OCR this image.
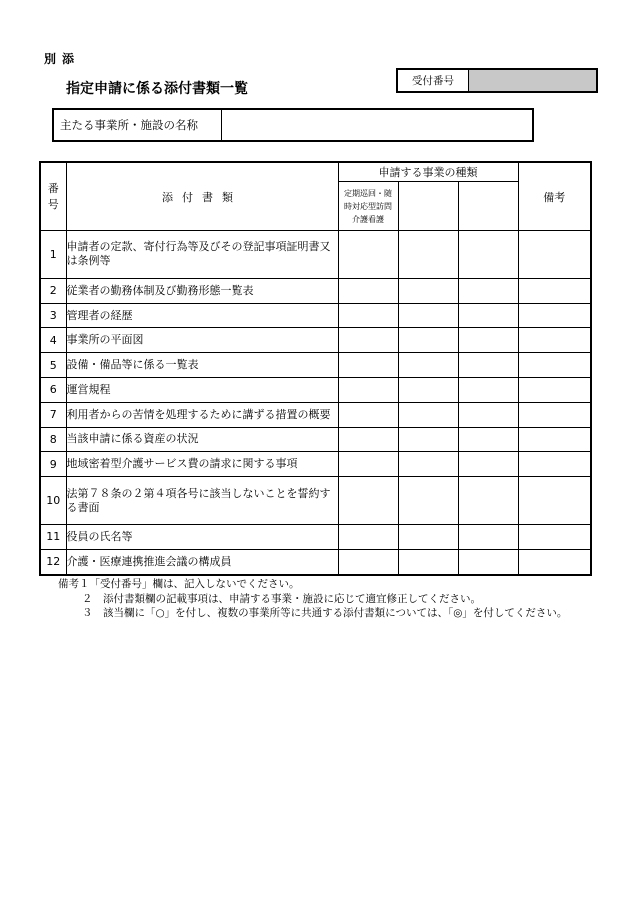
別添
指定申請に係る添付書類一覧	受付番号
主たる事業所・施設の名称
番号	添付書類	申請する事業の種類			備考
		定期巡回・随時対応型訪問介護看護			
1	申請者の定款、寄付行為等及びその登記事項証明書又は条例等				
2	従業者の勤務体制及び勤務形態一覧表				
3	管理者の経歴				
4	事業所の平面図				
5	設備・備品等に係る一覧表				
6	運営規程				
7	利用者からの苦情を処理するために講ずる措置の概要				
8	当該申請に係る資産の状況				
9	地域密着型介護サービス費の請求に関する事項				
10	法第７８条の２第４項各号に該当しないことを誓約する書面				
11	役員の氏名等				
12	介護・医療連携推進会議の構成員				
備考１「受付番号」欄は、記入しないでください。
２　添付書類欄の記載事項は、申請する事業・施設に応じて適宜修正してください。
３　該当欄に「○」を付し、複数の事業所等に共通する添付書類については、「◎」を付してください。
